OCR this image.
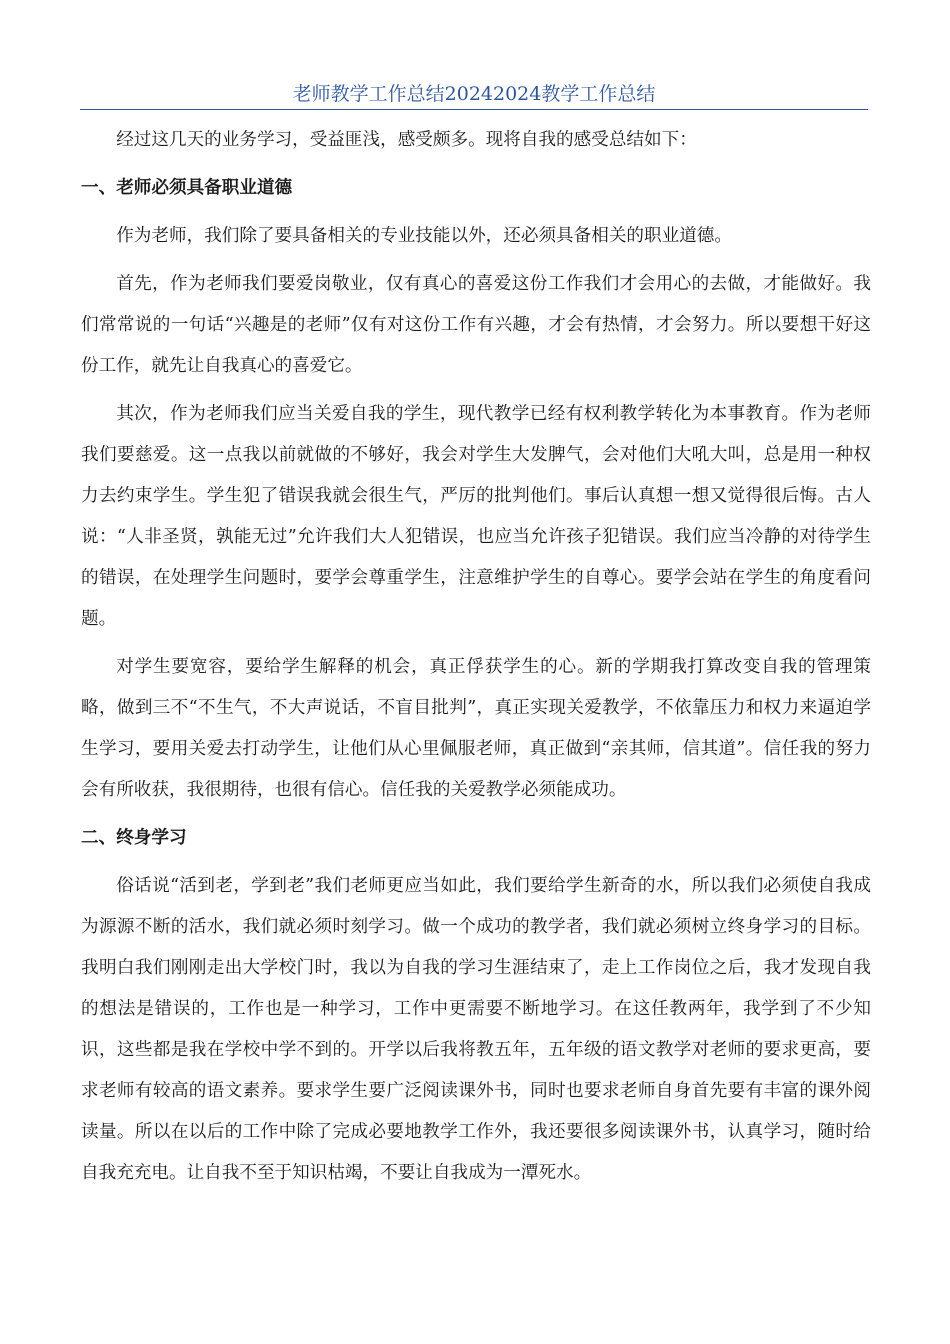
老师教学工作总结20242024教学工作总结

经过这几天的业务学习，受益匪浅，感受颇多。现将自我的感受总结如下：

一、老师必须具备职业道德

作为老师，我们除了要具备相关的专业技能以外，还必须具备相关的职业道德。

首先，作为老师我们要爱岗敬业，仅有真心的喜爱这份工作我们才会用心的去做，才能做好。我们常常说的一句话“兴趣是的老师”仅有对这份工作有兴趣，才会有热情，才会努力。所以要想干好这份工作，就先让自我真心的喜爱它。

其次，作为老师我们应当关爱自我的学生，现代教学已经有权利教学转化为本事教育。作为老师我们要慈爱。这一点我以前就做的不够好，我会对学生大发脾气，会对他们大吼大叫，总是用一种权力去约束学生。学生犯了错误我就会很生气，严厉的批判他们。事后认真想一想又觉得很后悔。古人说：“人非圣贤，孰能无过”允许我们大人犯错误，也应当允许孩子犯错误。我们应当冷静的对待学生的错误，在处理学生问题时，要学会尊重学生，注意维护学生的自尊心。要学会站在学生的角度看问题。

对学生要宽容，要给学生解释的机会，真正俘获学生的心。新的学期我打算改变自我的管理策略，做到三不“不生气，不大声说话，不盲目批判”，真正实现关爱教学，不依靠压力和权力来逼迫学生学习，要用关爱去打动学生，让他们从心里佩服老师，真正做到“亲其师，信其道”。信任我的努力会有所收获，我很期待，也很有信心。信任我的关爱教学必须能成功。

二、终身学习

俗话说“活到老，学到老”我们老师更应当如此，我们要给学生新奇的水，所以我们必须使自我成为源源不断的活水，我们就必须时刻学习。做一个成功的教学者，我们就必须树立终身学习的目标。我明白我们刚刚走出大学校门时，我以为自我的学习生涯结束了，走上工作岗位之后，我才发现自我的想法是错误的，工作也是一种学习，工作中更需要不断地学习。在这任教两年，我学到了不少知识，这些都是我在学校中学不到的。开学以后我将教五年，五年级的语文教学对老师的要求更高，要求老师有较高的语文素养。要求学生要广泛阅读课外书，同时也要求老师自身首先要有丰富的课外阅读量。所以在以后的工作中除了完成必要地教学工作外，我还要很多阅读课外书，认真学习，随时给自我充充电。让自我不至于知识枯竭，不要让自我成为一潭死水。
